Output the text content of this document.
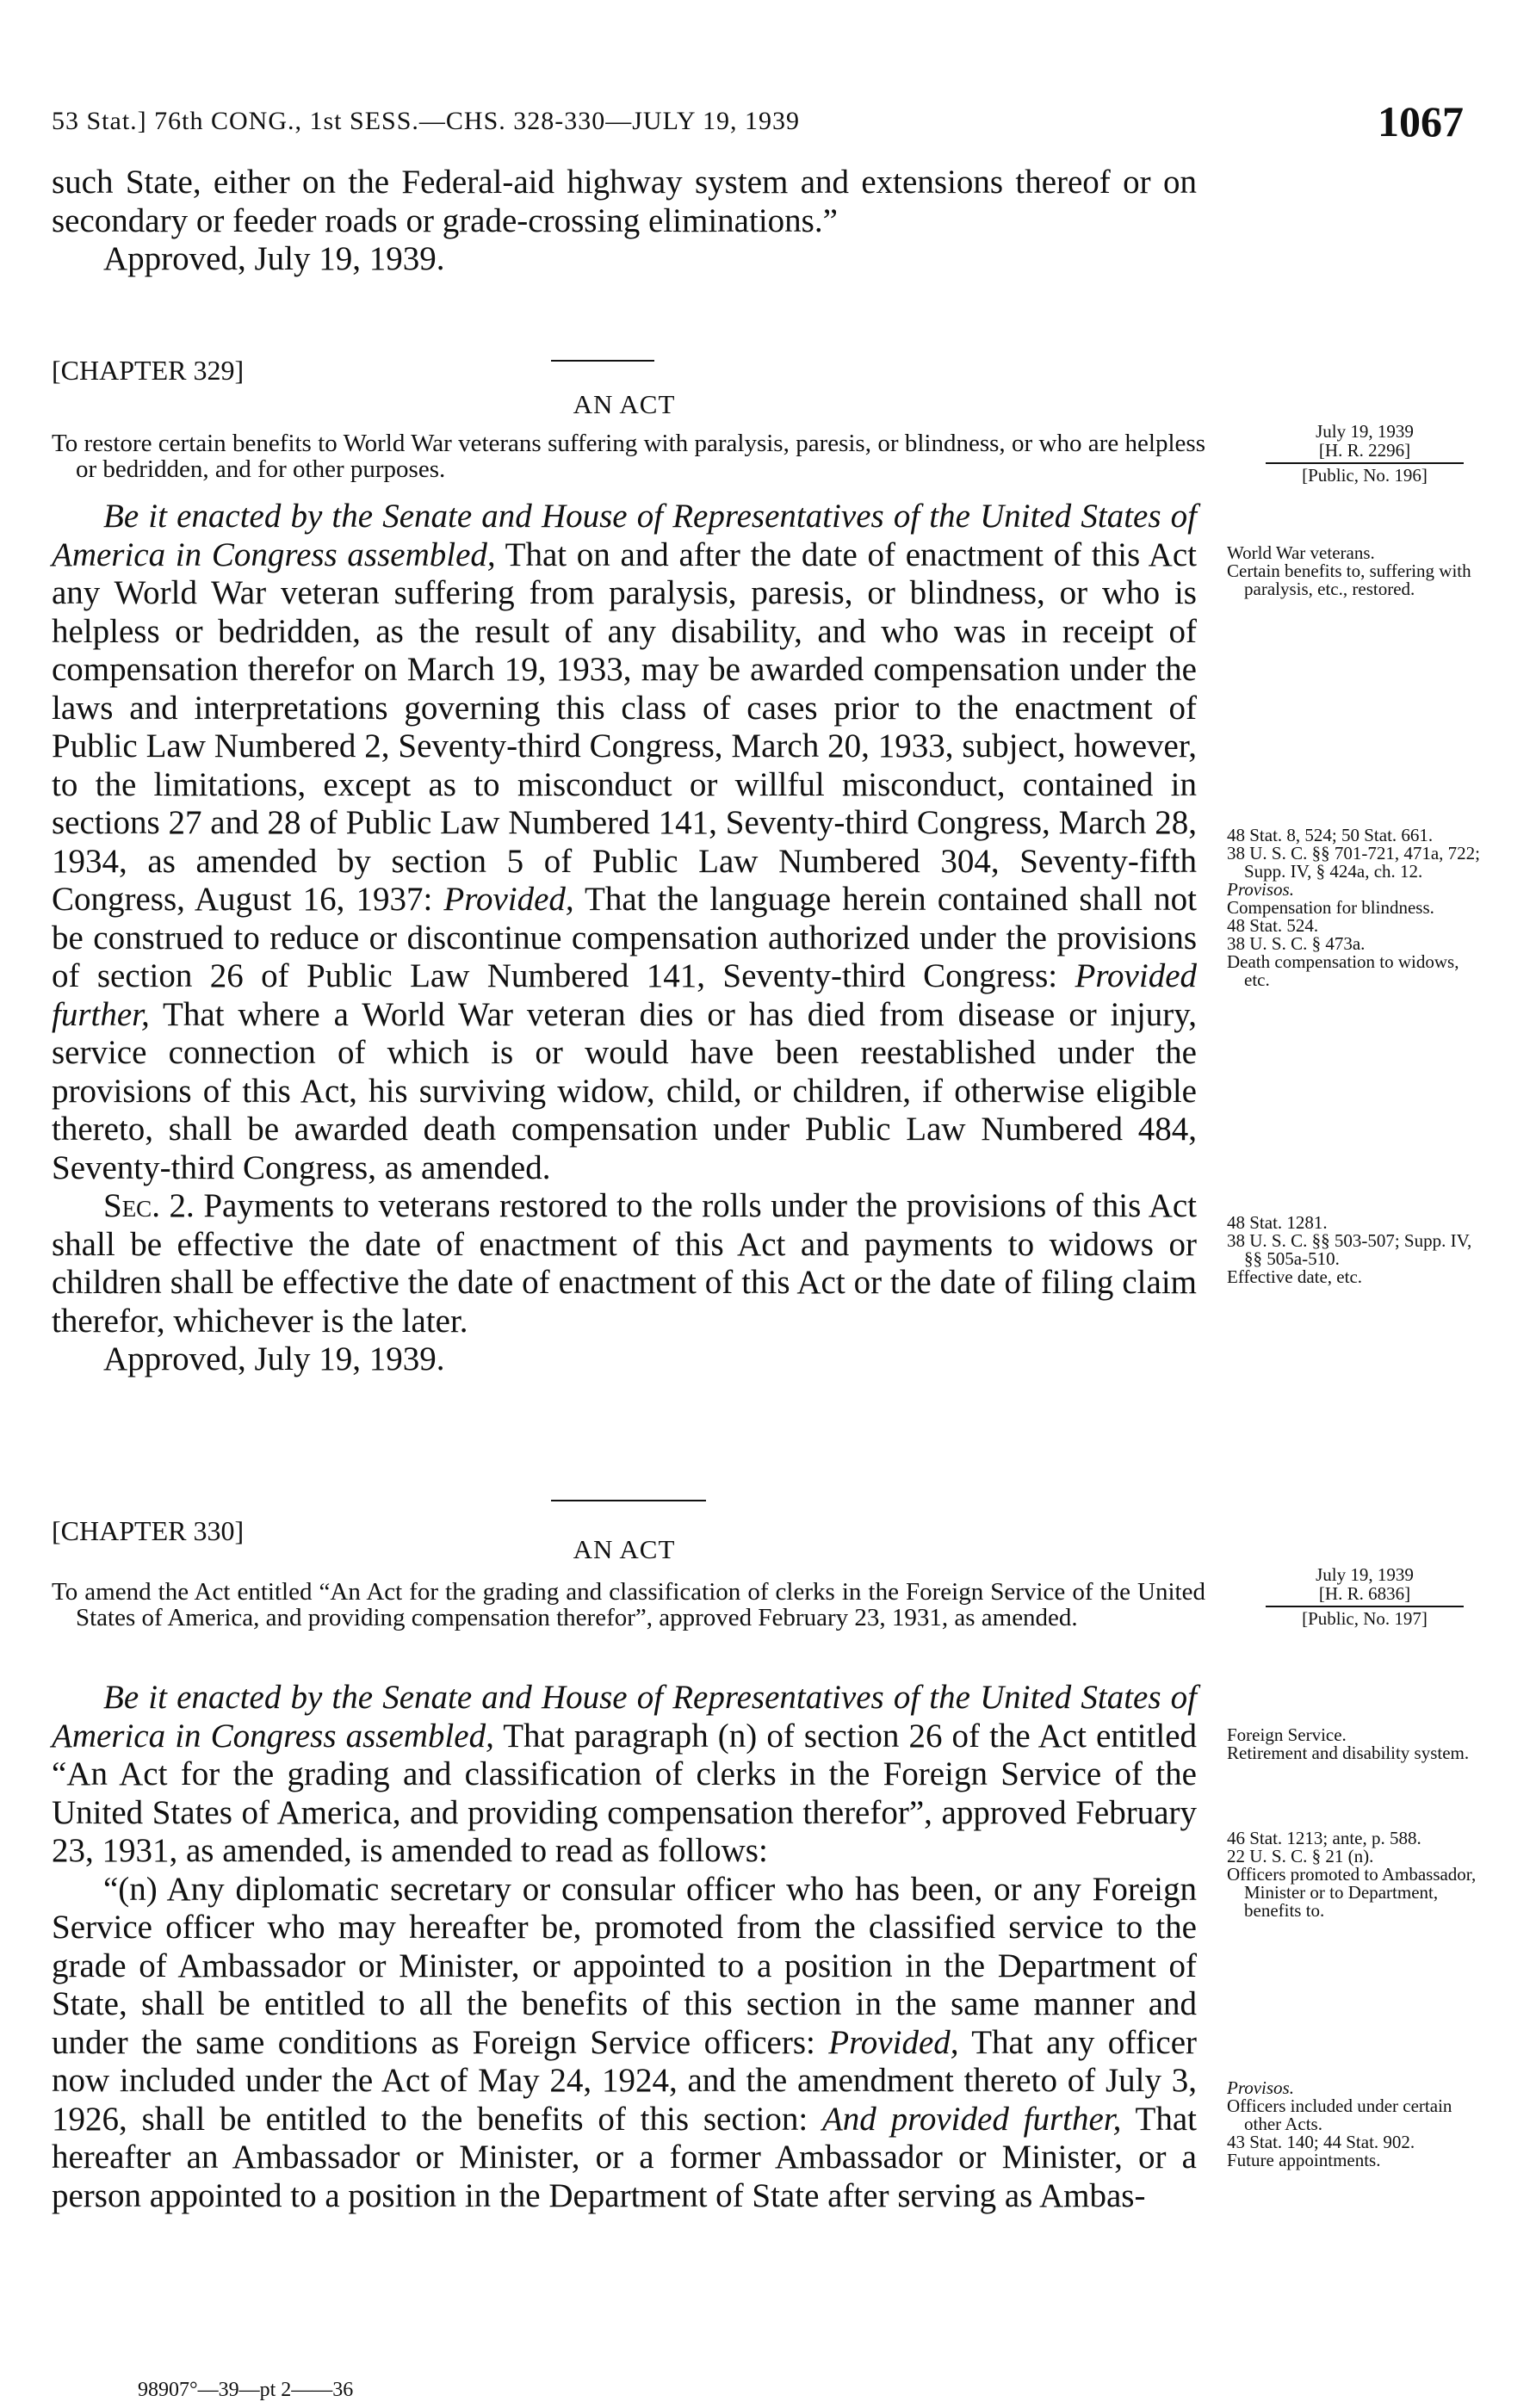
53 Stat.] 76th CONG., 1st SESS.—CHS. 328-330—JULY 19, 1939	1067

such State, either on the Federal-aid highway system and extensions thereof or on secondary or feeder roads or grade-crossing eliminations.”

Approved, July 19, 1939.

[CHAPTER 329]
AN ACT

To restore certain benefits to World War veterans suffering with paralysis, paresis, or blindness, or who are helpless or bedridden, and for other purposes.

July 19, 1939
[H. R. 2296]
[Public, No. 196]

Be it enacted by the Senate and House of Representatives of the United States of America in Congress assembled, That on and after the date of enactment of this Act any World War veteran suffering from paralysis, paresis, or blindness, or who is helpless or bedridden, as the result of any disability, and who was in receipt of compensation therefor on March 19, 1933, may be awarded compensation under the laws and interpretations governing this class of cases prior to the enactment of Public Law Numbered 2, Seventy-third Congress, March 20, 1933, subject, however, to the limitations, except as to misconduct or willful misconduct, contained in sections 27 and 28 of Public Law Numbered 141, Seventy-third Congress, March 28, 1934, as amended by section 5 of Public Law Numbered 304, Seventy-fifth Congress, August 16, 1937: Provided, That the language herein contained shall not be construed to reduce or discontinue compensation authorized under the provisions of section 26 of Public Law Numbered 141, Seventy-third Congress: Provided further, That where a World War veteran dies or has died from disease or injury, service connection of which is or would have been reestablished under the provisions of this Act, his surviving widow, child, or children, if otherwise eligible thereto, shall be awarded death compensation under Public Law Numbered 484, Seventy-third Congress, as amended.

Sec. 2. Payments to veterans restored to the rolls under the provisions of this Act shall be effective the date of enactment of this Act and payments to widows or children shall be effective the date of enactment of this Act or the date of filing claim therefor, whichever is the later.

Approved, July 19, 1939.

World War veterans.
Certain benefits to, suffering with paralysis, etc., restored.
48 Stat. 8, 524; 50 Stat. 661.
38 U. S. C. §§ 701-721, 471a, 722; Supp. IV, § 424a, ch. 12.
Provisos.
Compensation for blindness.
48 Stat. 524.
38 U. S. C. § 473a.
Death compensation to widows, etc.
48 Stat. 1281.
38 U. S. C. §§ 503-507; Supp. IV, §§ 505a-510.
Effective date, etc.
[CHAPTER 330]
AN ACT

To amend the Act entitled “An Act for the grading and classification of clerks in the Foreign Service of the United States of America, and providing compensation therefor”, approved February 23, 1931, as amended.

July 19, 1939
[H. R. 6836]
[Public, No. 197]

Be it enacted by the Senate and House of Representatives of the United States of America in Congress assembled, That paragraph (n) of section 26 of the Act entitled “An Act for the grading and classification of clerks in the Foreign Service of the United States of America, and providing compensation therefor”, approved February 23, 1931, as amended, is amended to read as follows:

“(n) Any diplomatic secretary or consular officer who has been, or any Foreign Service officer who may hereafter be, promoted from the classified service to the grade of Ambassador or Minister, or appointed to a position in the Department of State, shall be entitled to all the benefits of this section in the same manner and under the same conditions as Foreign Service officers: Provided, That any officer now included under the Act of May 24, 1924, and the amendment thereto of July 3, 1926, shall be entitled to the benefits of this section: And provided further, That hereafter an Ambassador or Minister, or a former Ambassador or Minister, or a person appointed to a position in the Department of State after serving as Ambas-

Foreign Service.
Retirement and disability system.
46 Stat. 1213; ante, p. 588.
22 U. S. C. § 21 (n).
Officers promoted to Ambassador, Minister or to Department, benefits to.
Provisos.
Officers included under certain other Acts.
43 Stat. 140; 44 Stat. 902.
Future appointments.
98907°—39—pt 2——36
